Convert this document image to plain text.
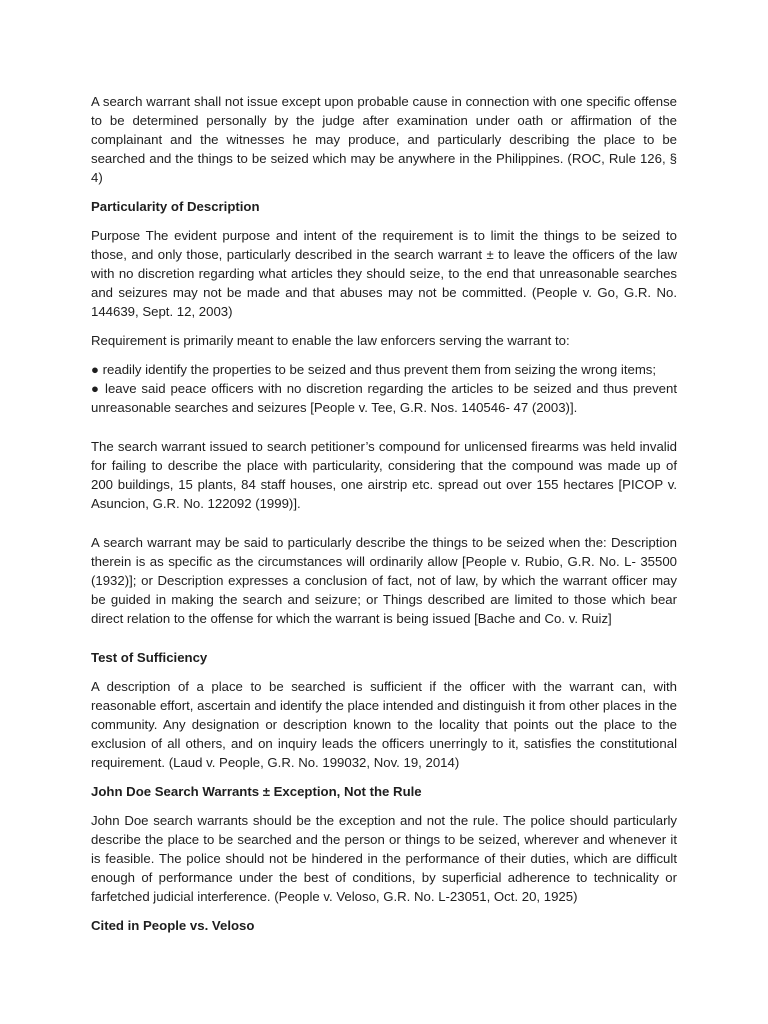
A search warrant shall not issue except upon probable cause in connection with one specific offense to be determined personally by the judge after examination under oath or affirmation of the complainant and the witnesses he may produce, and particularly describing the place to be searched and the things to be seized which may be anywhere in the Philippines. (ROC, Rule 126, § 4)

Particularity of Description

Purpose The evident purpose and intent of the requirement is to limit the things to be seized to those, and only those, particularly described in the search warrant ± to leave the officers of the law with no discretion regarding what articles they should seize, to the end that unreasonable searches and seizures may not be made and that abuses may not be committed. (People v. Go, G.R. No. 144639, Sept. 12, 2003)

Requirement is primarily meant to enable the law enforcers serving the warrant to:

● readily identify the properties to be seized and thus prevent them from seizing the wrong items;
● leave said peace officers with no discretion regarding the articles to be seized and thus prevent unreasonable searches and seizures [People v. Tee, G.R. Nos. 140546- 47 (2003)].

The search warrant issued to search petitioner’s compound for unlicensed firearms was held invalid for failing to describe the place with particularity, considering that the compound was made up of 200 buildings, 15 plants, 84 staff houses, one airstrip etc. spread out over 155 hectares [PICOP v. Asuncion, G.R. No. 122092 (1999)].

A search warrant may be said to particularly describe the things to be seized when the: Description therein is as specific as the circumstances will ordinarily allow [People v. Rubio, G.R. No. L- 35500 (1932)]; or Description expresses a conclusion of fact, not of law, by which the warrant officer may be guided in making the search and seizure; or Things described are limited to those which bear direct relation to the offense for which the warrant is being issued [Bache and Co. v. Ruiz]

Test of Sufficiency

A description of a place to be searched is sufficient if the officer with the warrant can, with reasonable effort, ascertain and identify the place intended and distinguish it from other places in the community. Any designation or description known to the locality that points out the place to the exclusion of all others, and on inquiry leads the officers unerringly to it, satisfies the constitutional requirement. (Laud v. People, G.R. No. 199032, Nov. 19, 2014)

John Doe Search Warrants ± Exception, Not the Rule

John Doe search warrants should be the exception and not the rule. The police should particularly describe the place to be searched and the person or things to be seized, wherever and whenever it is feasible. The police should not be hindered in the performance of their duties, which are difficult enough of performance under the best of conditions, by superficial adherence to technicality or farfetched judicial interference. (People v. Veloso, G.R. No. L-23051, Oct. 20, 1925)

Cited in People vs. Veloso
